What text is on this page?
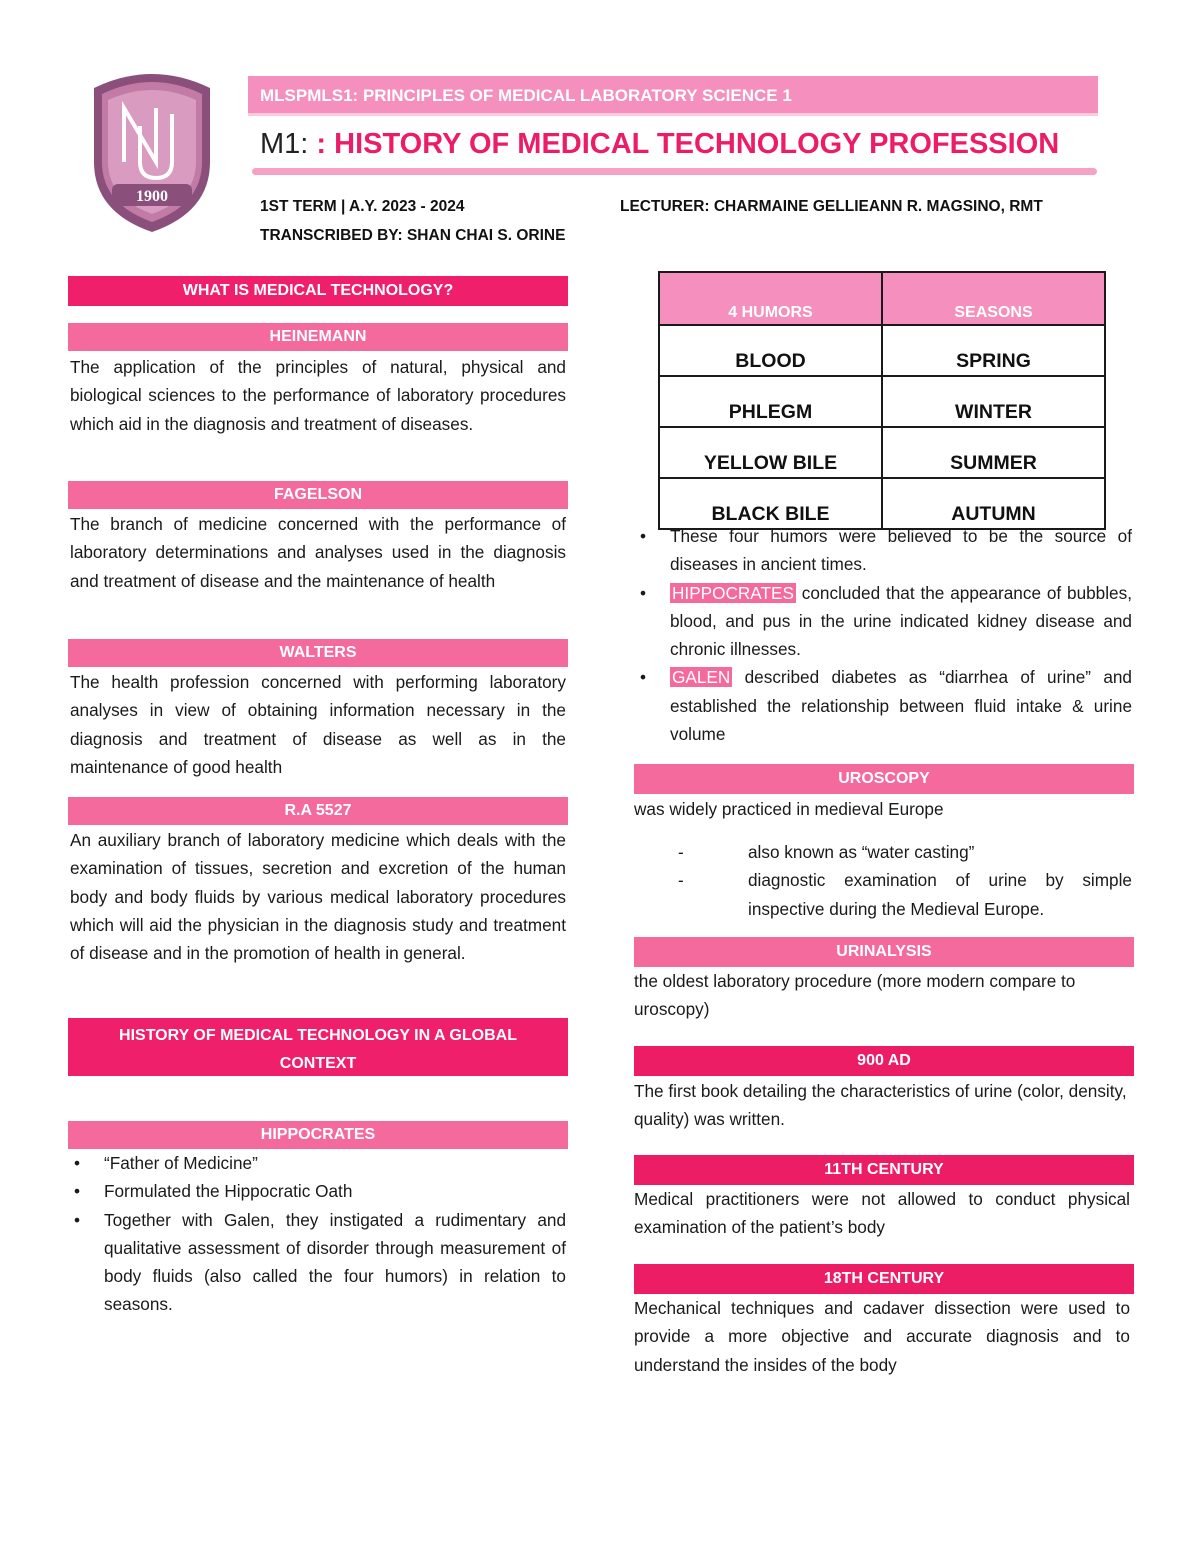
1900
MLSPMLS1: PRINCIPLES OF MEDICAL LABORATORY SCIENCE 1
M1: : HISTORY OF MEDICAL TECHNOLOGY PROFESSION
1ST TERM | A.Y. 2023 - 2024	LECTURER: CHARMAINE GELLIEANN R. MAGSINO, RMT
TRANSCRIBED BY: SHAN CHAI S. ORINE
WHAT IS MEDICAL TECHNOLOGY?
HEINEMANN
The application of the principles of natural, physical and biological sciences to the performance of laboratory procedures which aid in the diagnosis and treatment of diseases.
FAGELSON
The branch of medicine concerned with the performance of laboratory determinations and analyses used in the diagnosis and treatment of disease and the maintenance of health
WALTERS
The health profession concerned with performing laboratory analyses in view of obtaining information necessary in the diagnosis and treatment of disease as well as in the maintenance of good health
R.A 5527
An auxiliary branch of laboratory medicine which deals with the examination of tissues, secretion and excretion of the human body and body fluids by various medical laboratory procedures which will aid the physician in the diagnosis study and treatment of disease and in the promotion of health in general.
HISTORY OF MEDICAL TECHNOLOGY IN A GLOBAL
CONTEXT
HIPPOCRATES
• “Father of Medicine”
• Formulated the Hippocratic Oath
• Together with Galen, they instigated a rudimentary and qualitative assessment of disorder through measurement of body fluids (also called the four humors) in relation to seasons.
4 HUMORS	SEASONS
BLOOD	SPRING
PHLEGM	WINTER
YELLOW BILE	SUMMER
BLACK BILE	AUTUMN
• These four humors were believed to be the source of diseases in ancient times.
• HIPPOCRATES concluded that the appearance of bubbles, blood, and pus in the urine indicated kidney disease and chronic illnesses.
• GALEN described diabetes as “diarrhea of urine” and established the relationship between fluid intake & urine volume
UROSCOPY
was widely practiced in medieval Europe
-	also known as “water casting”
-	diagnostic examination of urine by simple inspective during the Medieval Europe.
URINALYSIS
the oldest laboratory procedure (more modern compare to uroscopy)
900 AD
The first book detailing the characteristics of urine (color, density, quality) was written.
11TH CENTURY
Medical practitioners were not allowed to conduct physical examination of the patient’s body
18TH CENTURY
Mechanical techniques and cadaver dissection were used to provide a more objective and accurate diagnosis and to understand the insides of the body
